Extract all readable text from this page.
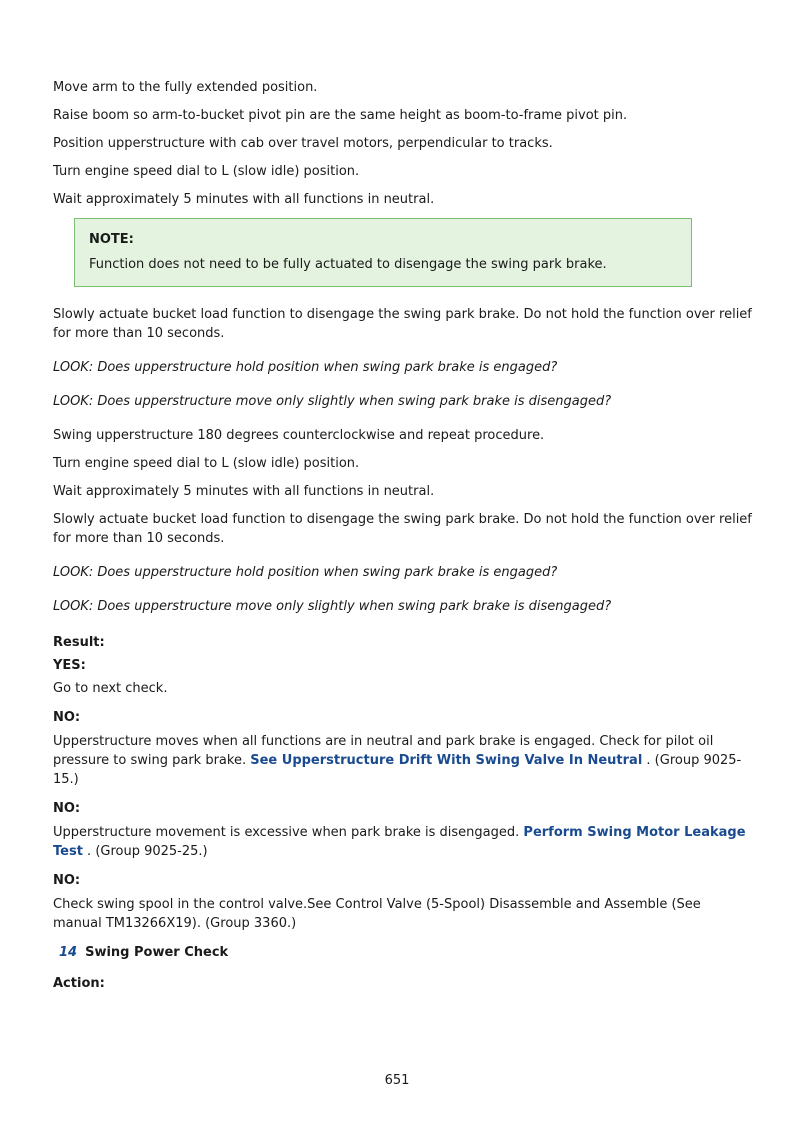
Move arm to the fully extended position.

Raise boom so arm-to-bucket pivot pin are the same height as boom-to-frame pivot pin.

Position upperstructure with cab over travel motors, perpendicular to tracks.

Turn engine speed dial to L (slow idle) position.

Wait approximately 5 minutes with all functions in neutral.

NOTE:

Function does not need to be fully actuated to disengage the swing park brake.

Slowly actuate bucket load function to disengage the swing park brake. Do not hold the function over relief for more than 10 seconds.

LOOK: Does upperstructure hold position when swing park brake is engaged?

LOOK: Does upperstructure move only slightly when swing park brake is disengaged?

Swing upperstructure 180 degrees counterclockwise and repeat procedure.

Turn engine speed dial to L (slow idle) position.

Wait approximately 5 minutes with all functions in neutral.

Slowly actuate bucket load function to disengage the swing park brake. Do not hold the function over relief for more than 10 seconds.

LOOK: Does upperstructure hold position when swing park brake is engaged?

LOOK: Does upperstructure move only slightly when swing park brake is disengaged?

Result:

YES:

Go to next check.

NO:

Upperstructure moves when all functions are in neutral and park brake is engaged. Check for pilot oil pressure to swing park brake. See Upperstructure Drift With Swing Valve In Neutral . (Group 9025-15.)

NO:

Upperstructure movement is excessive when park brake is disengaged. Perform Swing Motor Leakage Test . (Group 9025-25.)

NO:

Check swing spool in the control valve.See Control Valve (5-Spool) Disassemble and Assemble (See manual TM13266X19). (Group 3360.)

14 Swing Power Check

Action:

651
